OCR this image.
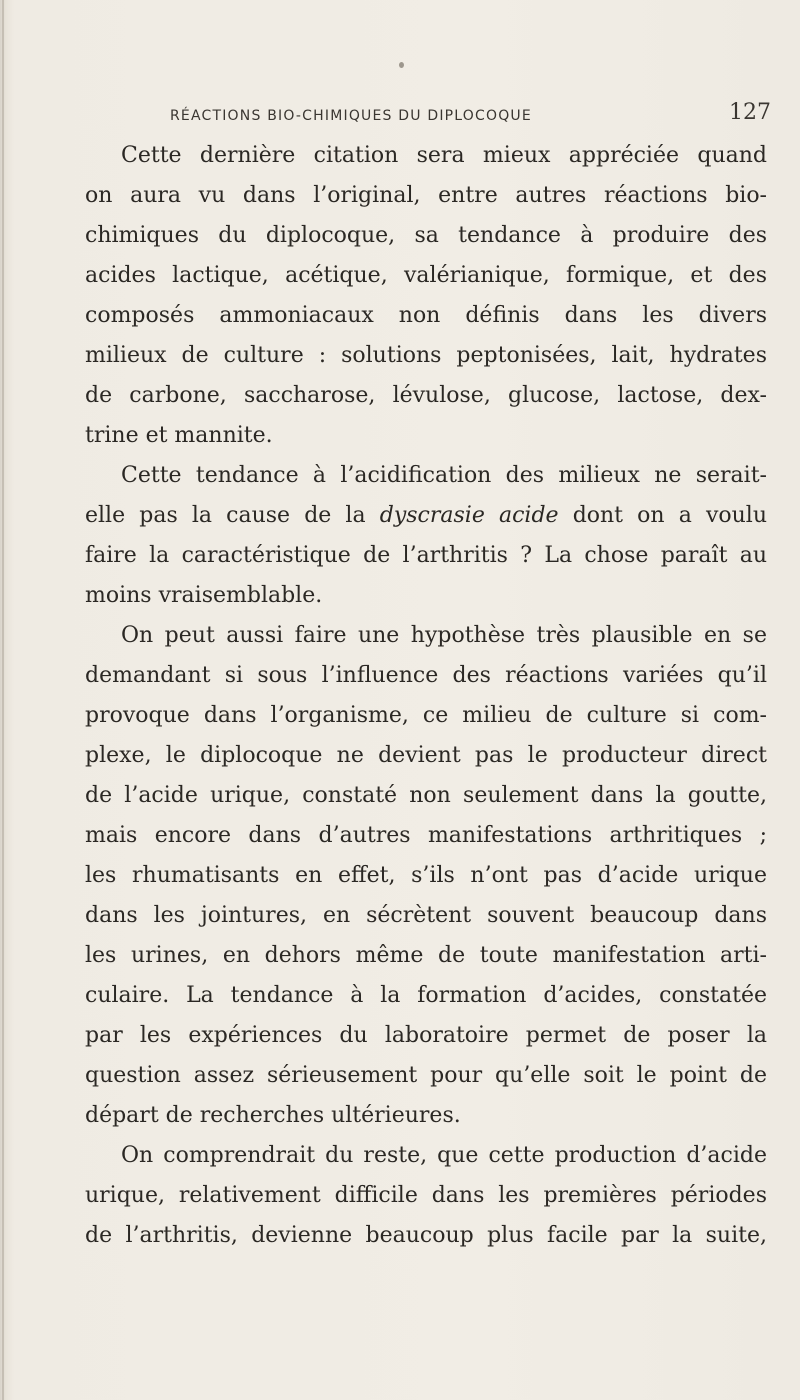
RÉACTIONS BIO-CHIMIQUES DU DIPLOCOQUE	127
Cette dernière citation sera mieux appréciée quand
on aura vu dans l’original, entre autres réactions bio-
chimiques du diplocoque, sa tendance à produire des
acides lactique, acétique, valérianique, formique, et des
composés ammoniacaux non définis dans les divers
milieux de culture : solutions peptonisées, lait, hydrates
de carbone, saccharose, lévulose, glucose, lactose, dex-
trine et mannite.
Cette tendance à l’acidification des milieux ne serait-
elle pas la cause de la dyscrasie acide dont on a voulu
faire la caractéristique de l’arthritis ? La chose paraît au
moins vraisemblable.
On peut aussi faire une hypothèse très plausible en se
demandant si sous l’influence des réactions variées qu’il
provoque dans l’organisme, ce milieu de culture si com-
plexe, le diplocoque ne devient pas le producteur direct
de l’acide urique, constaté non seulement dans la goutte,
mais encore dans d’autres manifestations arthritiques ;
les rhumatisants en effet, s’ils n’ont pas d’acide urique
dans les jointures, en sécrètent souvent beaucoup dans
les urines, en dehors même de toute manifestation arti-
culaire. La tendance à la formation d’acides, constatée
par les expériences du laboratoire permet de poser la
question assez sérieusement pour qu’elle soit le point de
départ de recherches ultérieures.
On comprendrait du reste, que cette production d’acide
urique, relativement difficile dans les premières périodes
de l’arthritis, devienne beaucoup plus facile par la suite,
